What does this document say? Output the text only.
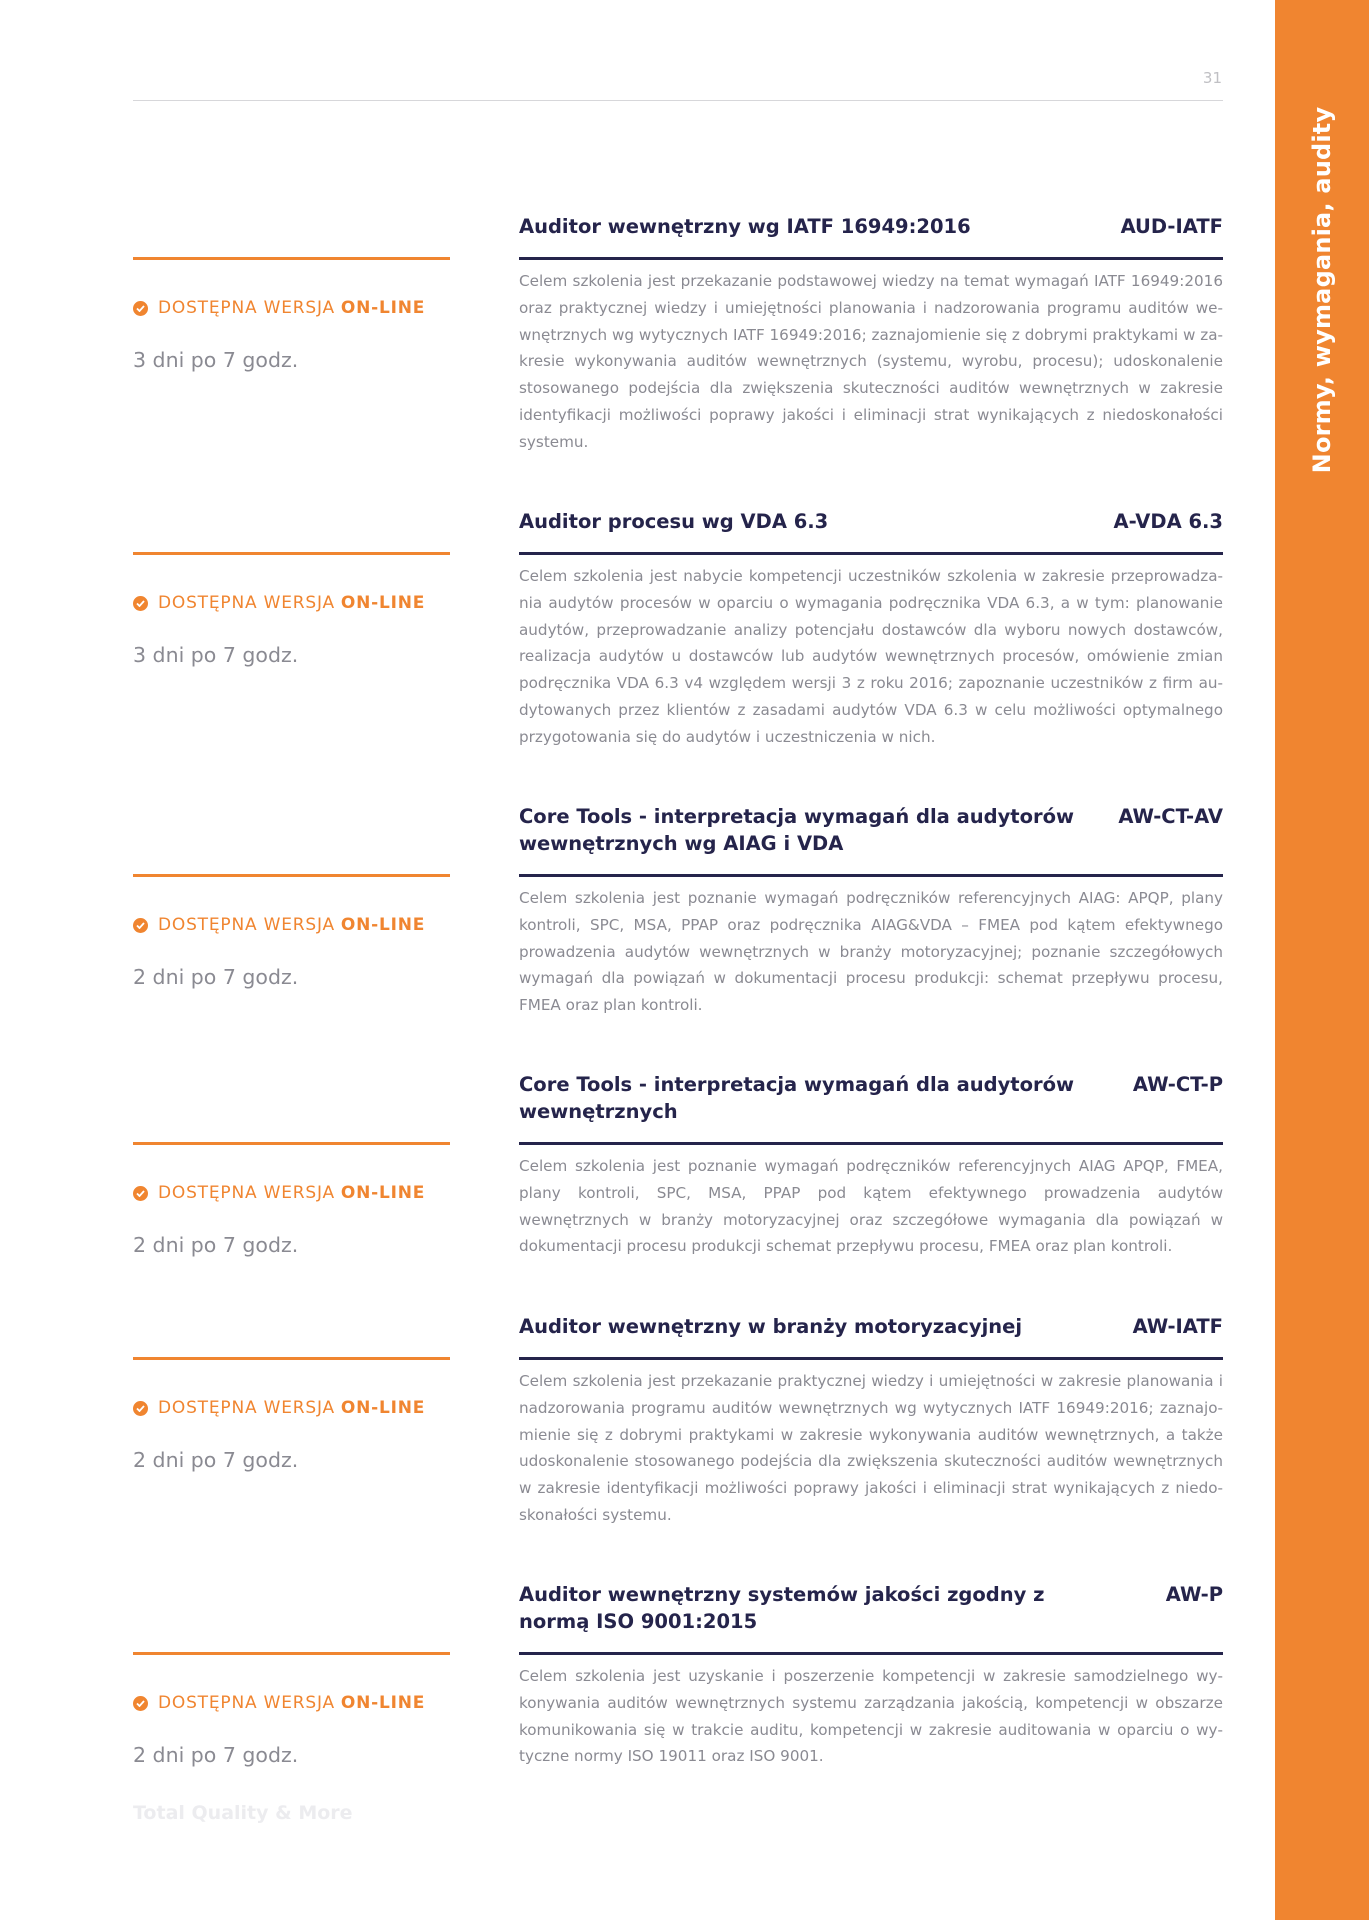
Normy, wymagania, audity
31
Auditor wewnętrzny wg IATF 16949:2016	AUD-IATF
Celem szkolenia jest przekazanie podstawowej wiedzy na temat wymagań IATF 16949:2016 oraz praktycznej wiedzy i umiejętności planowania i nadzorowania programu auditów wewnętrznych wg wytycznych IATF 16949:2016; zaznajomienie się z dobrymi praktykami w zakresie wykonywania auditów wewnętrznych (systemu, wyrobu, procesu); udoskonalenie stosowanego podejścia dla zwiększenia skuteczności auditów wewnętrznych w zakresie identyfikacji możliwości poprawy jakości i eliminacji strat wynikających z niedoskonałości systemu.
DOSTĘPNA WERSJA ON-LINE
3 dni po 7 godz.
Auditor procesu wg VDA 6.3	A-VDA 6.3
Celem szkolenia jest nabycie kompetencji uczestników szkolenia w zakresie przeprowadzania audytów procesów w oparciu o wymagania podręcznika VDA 6.3, a w tym: planowanie audytów, przeprowadzanie analizy potencjału dostawców dla wyboru nowych dostawców, realizacja audytów u dostawców lub audytów wewnętrznych procesów, omówienie zmian podręcznika VDA 6.3 v4 względem wersji 3 z roku 2016; zapoznanie uczestników z firm audytowanych przez klientów z zasadami audytów VDA 6.3 w celu możliwości optymalnego przygotowania się do audytów i uczestniczenia w nich.
DOSTĘPNA WERSJA ON-LINE
3 dni po 7 godz.
Core Tools - interpretacja wymagań dla audytorów wewnętrznych wg AIAG i VDA
AW-CT-AV
Celem szkolenia jest poznanie wymagań podręczników referencyjnych AIAG: APQP, plany kontroli, SPC, MSA, PPAP oraz podręcznika AIAG&VDA – FMEA pod kątem efektywnego prowadzenia audytów wewnętrznych w branży motoryzacyjnej; poznanie szczegółowych wymagań dla powiązań w dokumentacji procesu produkcji: schemat przepływu procesu, FMEA oraz plan kontroli.
DOSTĘPNA WERSJA ON-LINE
2 dni po 7 godz.
Core Tools - interpretacja wymagań dla audytorów wewnętrznych
AW-CT-P
Celem szkolenia jest poznanie wymagań podręczników referencyjnych AIAG APQP, FMEA, plany kontroli, SPC, MSA, PPAP pod kątem efektywnego prowadzenia audytów wewnętrznych w branży motoryzacyjnej oraz szczegółowe wymagania dla powiązań w dokumentacji procesu produkcji schemat przepływu procesu, FMEA oraz plan kontroli.
DOSTĘPNA WERSJA ON-LINE
2 dni po 7 godz.
Auditor wewnętrzny w branży motoryzacyjnej	AW-IATF
Celem szkolenia jest przekazanie praktycznej wiedzy i umiejętności w zakresie planowania i nadzorowania programu auditów wewnętrznych wg wytycznych IATF 16949:2016; zaznajomienie się z dobrymi praktykami w zakresie wykonywania auditów wewnętrznych, a także udoskonalenie stosowanego podejścia dla zwiększenia skuteczności auditów wewnętrznych w zakresie identyfikacji możliwości poprawy jakości i eliminacji strat wynikających z niedoskonałości systemu.
DOSTĘPNA WERSJA ON-LINE
2 dni po 7 godz.
Auditor wewnętrzny systemów jakości zgodny z normą ISO 9001:2015
AW-P
Celem szkolenia jest uzyskanie i poszerzenie kompetencji w zakresie samodzielnego wykonywania auditów wewnętrznych systemu zarządzania jakością, kompetencji w obszarze komunikowania się w trakcie auditu, kompetencji w zakresie auditowania w oparciu o wytyczne normy ISO 19011 oraz ISO 9001.
DOSTĘPNA WERSJA ON-LINE
2 dni po 7 godz.
Total Quality & More
